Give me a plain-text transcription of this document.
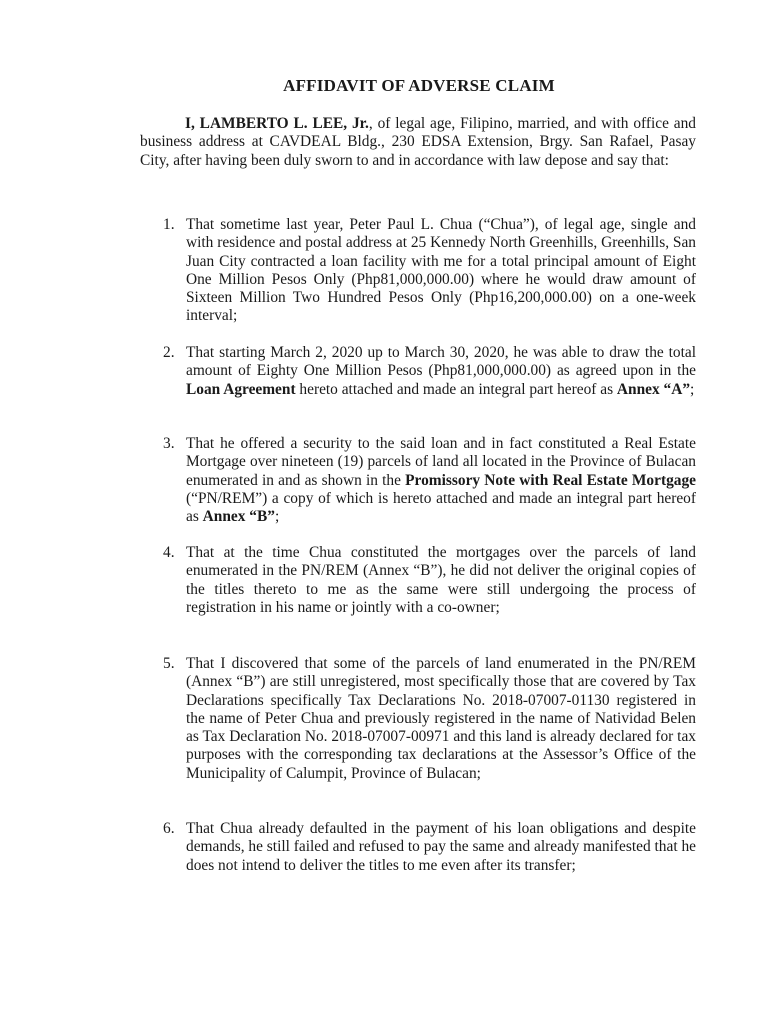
AFFIDAVIT OF ADVERSE CLAIM

I, LAMBERTO L. LEE, Jr., of legal age, Filipino, married, and with office and business address at CAVDEAL Bldg., 230 EDSA Extension, Brgy. San Rafael, Pasay City, after having been duly sworn to and in accordance with law depose and say that:

1. That sometime last year, Peter Paul L. Chua (“Chua”), of legal age, single and with residence and postal address at 25 Kennedy North Greenhills, Greenhills, San Juan City contracted a loan facility with me for a total principal amount of Eight One Million Pesos Only (Php81,000,000.00) where he would draw amount of Sixteen Million Two Hundred Pesos Only (Php16,200,000.00) on a one-week interval;
2. That starting March 2, 2020 up to March 30, 2020, he was able to draw the total amount of Eighty One Million Pesos (Php81,000,000.00) as agreed upon in the Loan Agreement hereto attached and made an integral part hereof as Annex “A”;
3. That he offered a security to the said loan and in fact constituted a Real Estate Mortgage over nineteen (19) parcels of land all located in the Province of Bulacan enumerated in and as shown in the Promissory Note with Real Estate Mortgage (“PN/REM”) a copy of which is hereto attached and made an integral part hereof as Annex “B”;
4. That at the time Chua constituted the mortgages over the parcels of land enumerated in the PN/REM (Annex “B”), he did not deliver the original copies of the titles thereto to me as the same were still undergoing the process of registration in his name or jointly with a co-owner;
5. That I discovered that some of the parcels of land enumerated in the PN/REM (Annex “B”) are still unregistered, most specifically those that are covered by Tax Declarations specifically Tax Declarations No. 2018-07007-01130 registered in the name of Peter Chua and previously registered in the name of Natividad Belen as Tax Declaration No. 2018-07007-00971 and this land is already declared for tax purposes with the corresponding tax declarations at the Assessor’s Office of the Municipality of Calumpit, Province of Bulacan;
6. That Chua already defaulted in the payment of his loan obligations and despite demands, he still failed and refused to pay the same and already manifested that he does not intend to deliver the titles to me even after its transfer;
